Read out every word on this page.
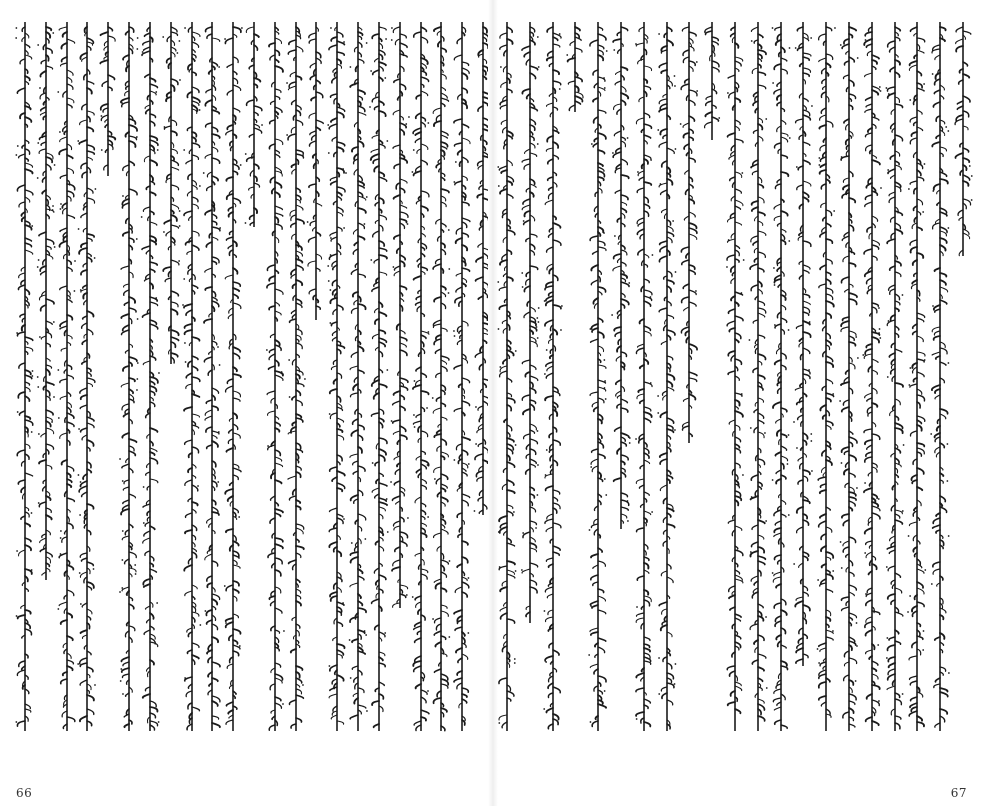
66	67
